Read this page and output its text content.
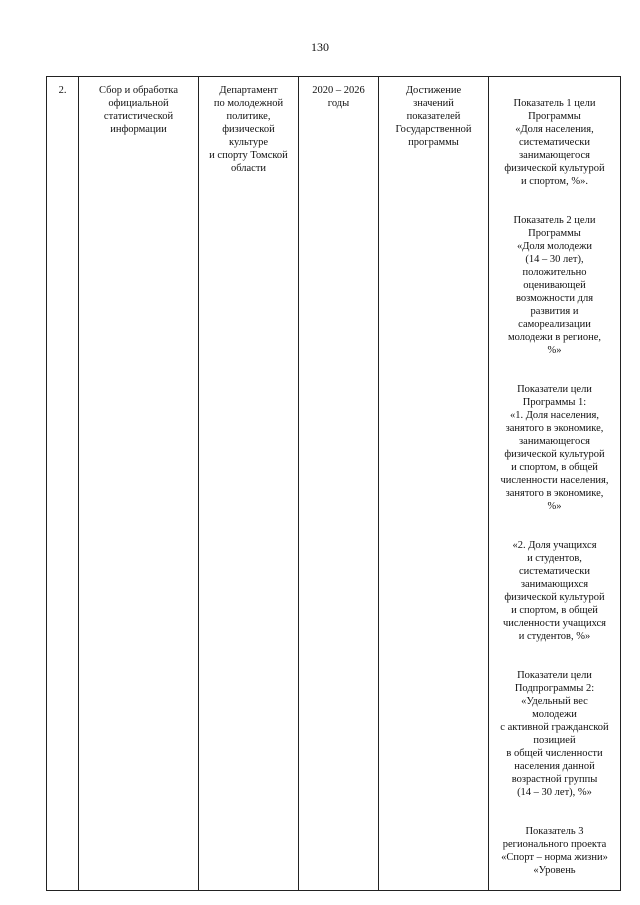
130
2.	Сбор и обработка
официальной
статистической
информации	Департамент
по молодежной
политике,
физической
культуре
и спорту Томской
области	2020 – 2026
годы	Достижение
значений
показателей
Государственной
программы	

Показатель 1 цели
Программы
«Доля населения,
систематически
занимающегося
физической культурой
и спортом, %».

Показатель 2 цели
Программы
«Доля молодежи
(14 – 30 лет),
положительно
оценивающей
возможности для
развития и
самореализации
молодежи в регионе,
%»

Показатели цели
Программы 1:
«1. Доля населения,
занятого в экономике,
занимающегося
физической культурой
и спортом, в общей
численности населения,
занятого в экономике,
%»

«2. Доля учащихся
и студентов,
систематически
занимающихся
физической культурой
и спортом, в общей
численности учащихся
и студентов, %»

Показатели цели
Подпрограммы 2:
«Удельный вес
молодежи
с активной гражданской
позицией
в общей численности
населения данной
возрастной группы
(14 – 30 лет), %»

Показатель 3
регионального проекта
«Спорт – норма жизни»
«Уровень
